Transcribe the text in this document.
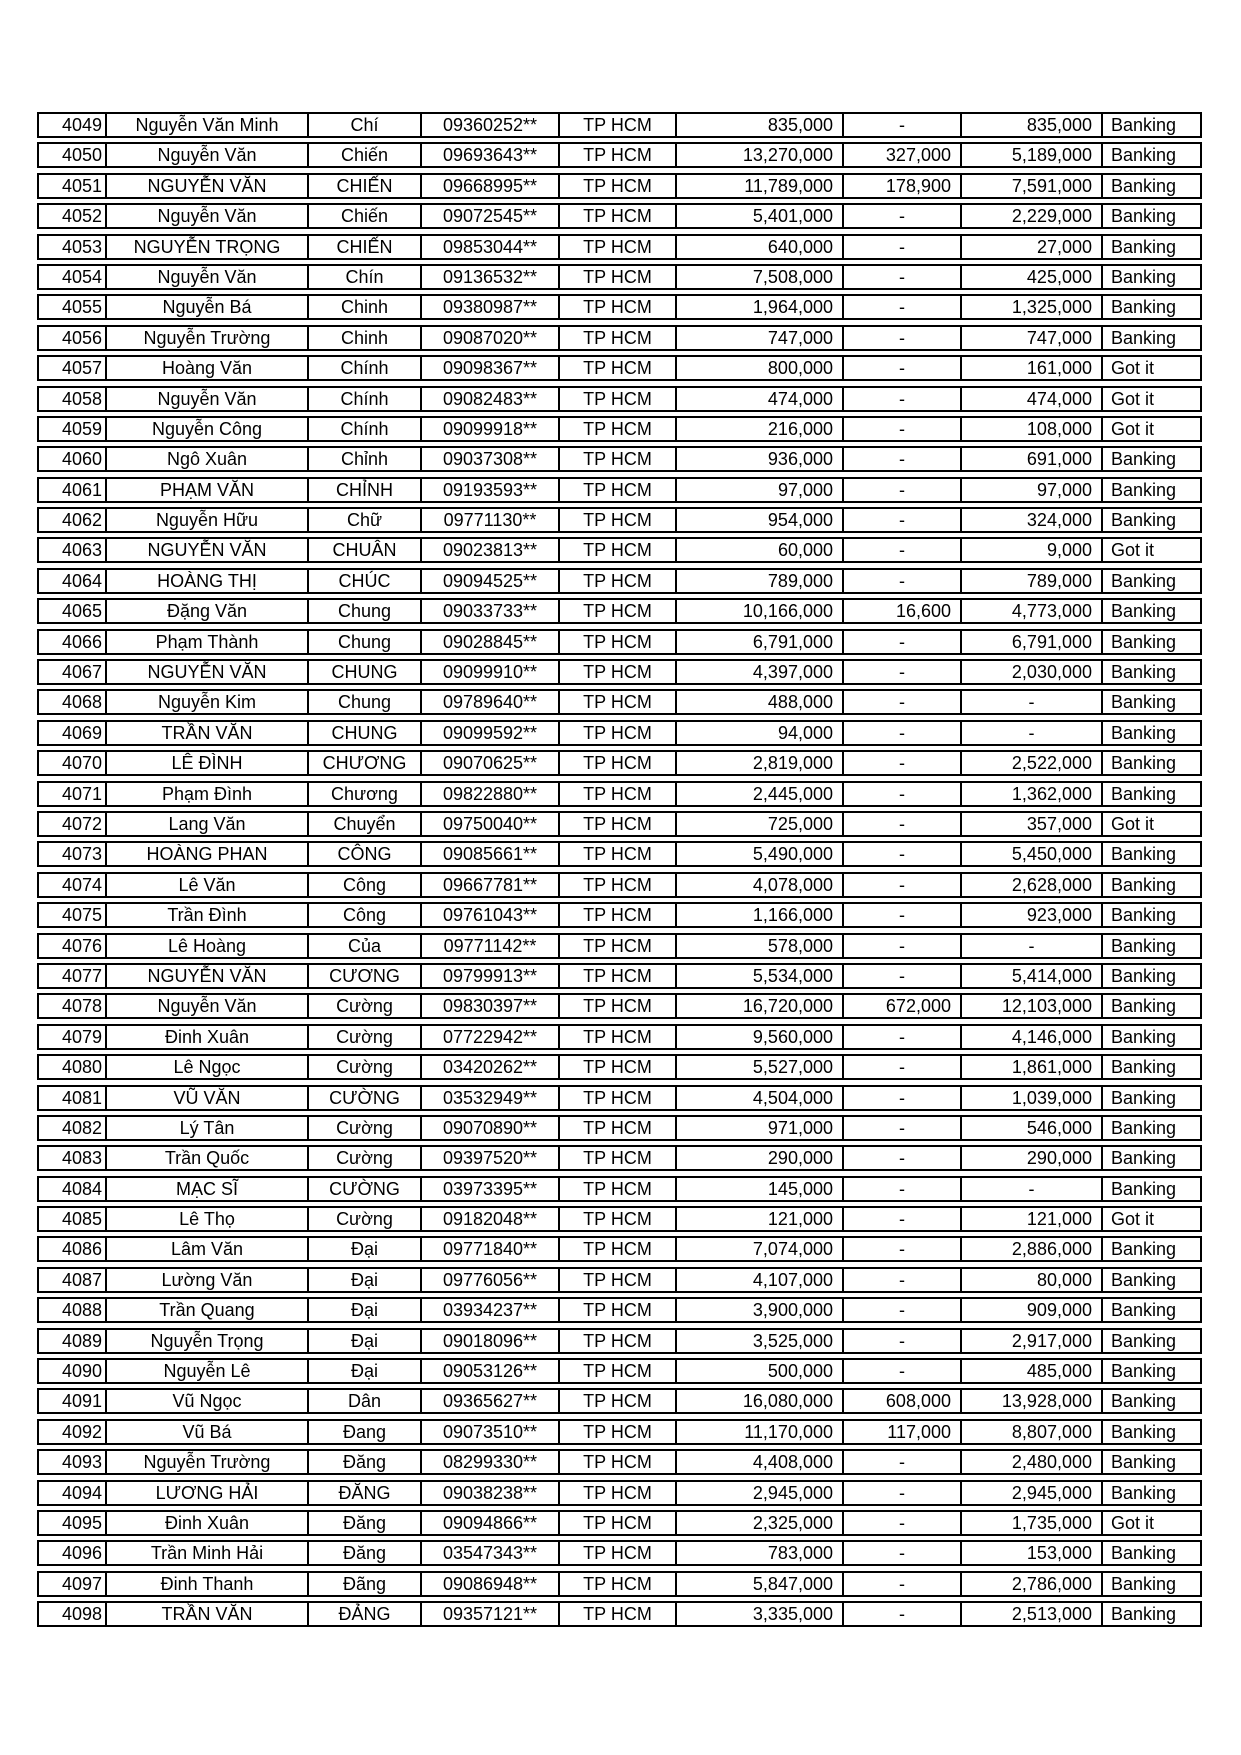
4049	Nguyễn Văn Minh	Chí	09360252**	TP HCM	835,000	-	835,000	Banking
4050	Nguyễn Văn	Chiến	09693643**	TP HCM	13,270,000	327,000	5,189,000	Banking
4051	NGUYỄN VĂN	CHIẾN	09668995**	TP HCM	11,789,000	178,900	7,591,000	Banking
4052	Nguyễn Văn	Chiến	09072545**	TP HCM	5,401,000	-	2,229,000	Banking
4053	NGUYỄN TRỌNG	CHIẾN	09853044**	TP HCM	640,000	-	27,000	Banking
4054	Nguyễn Văn	Chín	09136532**	TP HCM	7,508,000	-	425,000	Banking
4055	Nguyễn Bá	Chinh	09380987**	TP HCM	1,964,000	-	1,325,000	Banking
4056	Nguyễn Trường	Chinh	09087020**	TP HCM	747,000	-	747,000	Banking
4057	Hoàng Văn	Chính	09098367**	TP HCM	800,000	-	161,000	Got it
4058	Nguyễn Văn	Chính	09082483**	TP HCM	474,000	-	474,000	Got it
4059	Nguyễn Công	Chính	09099918**	TP HCM	216,000	-	108,000	Got it
4060	Ngô Xuân	Chỉnh	09037308**	TP HCM	936,000	-	691,000	Banking
4061	PHẠM VĂN	CHỈNH	09193593**	TP HCM	97,000	-	97,000	Banking
4062	Nguyễn Hữu	Chữ	09771130**	TP HCM	954,000	-	324,000	Banking
4063	NGUYỄN VĂN	CHUÂN	09023813**	TP HCM	60,000	-	9,000	Got it
4064	HOÀNG THỊ	CHÚC	09094525**	TP HCM	789,000	-	789,000	Banking
4065	Đặng Văn	Chung	09033733**	TP HCM	10,166,000	16,600	4,773,000	Banking
4066	Phạm Thành	Chung	09028845**	TP HCM	6,791,000	-	6,791,000	Banking
4067	NGUYỄN VĂN	CHUNG	09099910**	TP HCM	4,397,000	-	2,030,000	Banking
4068	Nguyễn Kim	Chung	09789640**	TP HCM	488,000	-	-	Banking
4069	TRẦN VĂN	CHUNG	09099592**	TP HCM	94,000	-	-	Banking
4070	LÊ ĐÌNH	CHƯƠNG	09070625**	TP HCM	2,819,000	-	2,522,000	Banking
4071	Phạm Đình	Chương	09822880**	TP HCM	2,445,000	-	1,362,000	Banking
4072	Lang Văn	Chuyển	09750040**	TP HCM	725,000	-	357,000	Got it
4073	HOÀNG PHAN	CÔNG	09085661**	TP HCM	5,490,000	-	5,450,000	Banking
4074	Lê Văn	Công	09667781**	TP HCM	4,078,000	-	2,628,000	Banking
4075	Trần Đình	Công	09761043**	TP HCM	1,166,000	-	923,000	Banking
4076	Lê Hoàng	Của	09771142**	TP HCM	578,000	-	-	Banking
4077	NGUYỄN VĂN	CƯƠNG	09799913**	TP HCM	5,534,000	-	5,414,000	Banking
4078	Nguyễn Văn	Cường	09830397**	TP HCM	16,720,000	672,000	12,103,000	Banking
4079	Đinh Xuân	Cường	07722942**	TP HCM	9,560,000	-	4,146,000	Banking
4080	Lê Ngọc	Cường	03420262**	TP HCM	5,527,000	-	1,861,000	Banking
4081	VŨ VĂN	CƯỜNG	03532949**	TP HCM	4,504,000	-	1,039,000	Banking
4082	Lý Tân	Cường	09070890**	TP HCM	971,000	-	546,000	Banking
4083	Trần Quốc	Cường	09397520**	TP HCM	290,000	-	290,000	Banking
4084	MẠC SĨ	CƯỜNG	03973395**	TP HCM	145,000	-	-	Banking
4085	Lê Thọ	Cường	09182048**	TP HCM	121,000	-	121,000	Got it
4086	Lâm Văn	Đại	09771840**	TP HCM	7,074,000	-	2,886,000	Banking
4087	Lường Văn	Đại	09776056**	TP HCM	4,107,000	-	80,000	Banking
4088	Trần Quang	Đại	03934237**	TP HCM	3,900,000	-	909,000	Banking
4089	Nguyễn Trọng	Đại	09018096**	TP HCM	3,525,000	-	2,917,000	Banking
4090	Nguyễn Lê	Đại	09053126**	TP HCM	500,000	-	485,000	Banking
4091	Vũ Ngọc	Dân	09365627**	TP HCM	16,080,000	608,000	13,928,000	Banking
4092	Vũ Bá	Đang	09073510**	TP HCM	11,170,000	117,000	8,807,000	Banking
4093	Nguyễn Trường	Đăng	08299330**	TP HCM	4,408,000	-	2,480,000	Banking
4094	LƯƠNG HẢI	ĐĂNG	09038238**	TP HCM	2,945,000	-	2,945,000	Banking
4095	Đinh Xuân	Đăng	09094866**	TP HCM	2,325,000	-	1,735,000	Got it
4096	Trần Minh Hải	Đăng	03547343**	TP HCM	783,000	-	153,000	Banking
4097	Đinh Thanh	Đãng	09086948**	TP HCM	5,847,000	-	2,786,000	Banking
4098	TRẦN VĂN	ĐẢNG	09357121**	TP HCM	3,335,000	-	2,513,000	Banking
